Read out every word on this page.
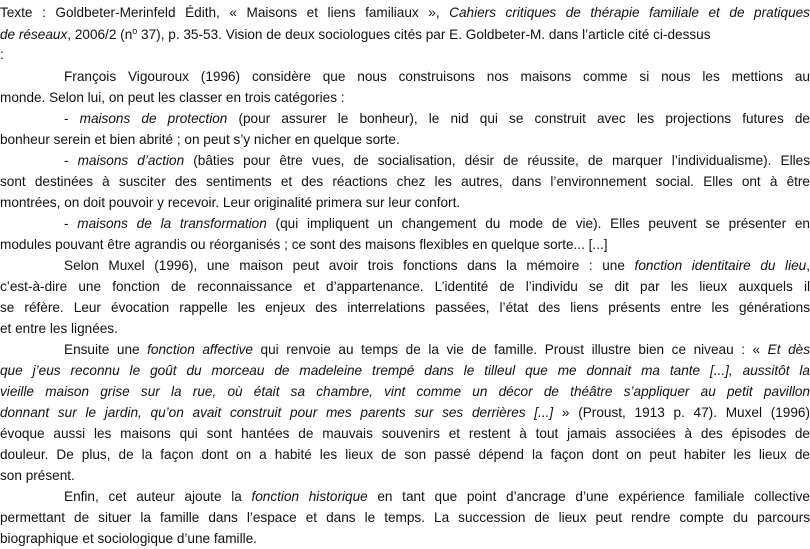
Texte : Goldbeter-Merinfeld Édith, « Maisons et liens familiaux », Cahiers critiques de thérapie familiale et de pratiques
de réseaux, 2006/2 ($n^o$ 37), p. 35-53. Vision de deux sociologues cités par E. Goldbeter-M. dans l’article cité ci-dessus
:
François Vigouroux (1996) considère que nous construisons nos maisons comme si nous les mettions au
monde. Selon lui, on peut les classer en trois catégories :
- maisons de protection (pour assurer le bonheur), le nid qui se construit avec les projections futures de
bonheur serein et bien abrité ; on peut s’y nicher en quelque sorte.
- maisons d’action (bâties pour être vues, de socialisation, désir de réussite, de marquer l’individualisme). Elles
sont destinées à susciter des sentiments et des réactions chez les autres, dans l’environnement social. Elles ont à être
montrées, on doit pouvoir y recevoir. Leur originalité primera sur leur confort.
- maisons de la transformation (qui impliquent un changement du mode de vie). Elles peuvent se présenter en
modules pouvant être agrandis ou réorganisés ; ce sont des maisons flexibles en quelque sorte... [...]
Selon Muxel (1996), une maison peut avoir trois fonctions dans la mémoire : une fonction identitaire du lieu,
c’est-à-dire une fonction de reconnaissance et d’appartenance. L’identité de l’individu se dit par les lieux auxquels il
se réfère. Leur évocation rappelle les enjeux des interrelations passées, l’état des liens présents entre les générations
et entre les lignées.
Ensuite une fonction affective qui renvoie au temps de la vie de famille. Proust illustre bien ce niveau : « Et dès
que j’eus reconnu le goût du morceau de madeleine trempé dans le tilleul que me donnait ma tante [...], aussitôt la
vieille maison grise sur la rue, où était sa chambre, vint comme un décor de théâtre s’appliquer au petit pavillon
donnant sur le jardin, qu’on avait construit pour mes parents sur ses derrières [...] » (Proust, 1913 p. 47). Muxel (1996)
évoque aussi les maisons qui sont hantées de mauvais souvenirs et restent à tout jamais associées à des épisodes de
douleur. De plus, de la façon dont on a habité les lieux de son passé dépend la façon dont on peut habiter les lieux de
son présent.
Enfin, cet auteur ajoute la fonction historique en tant que point d’ancrage d’une expérience familiale collective
permettant de situer la famille dans l’espace et dans le temps. La succession de lieux peut rendre compte du parcours
biographique et sociologique d’une famille.
